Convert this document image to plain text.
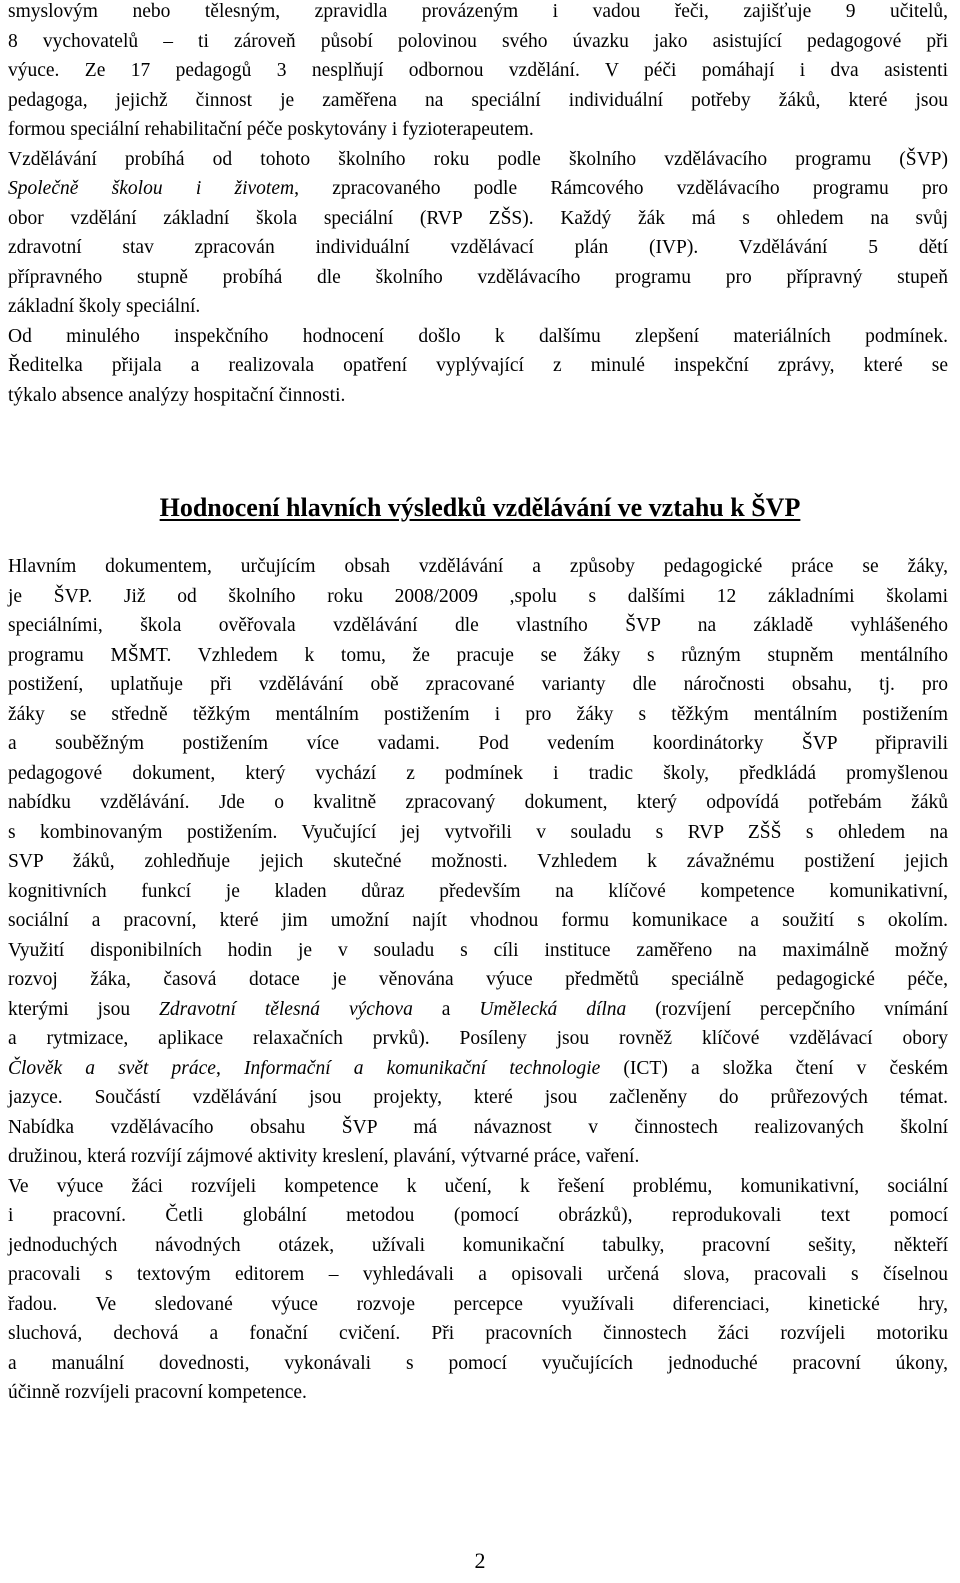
smyslovým nebo tělesným, zpravidla provázeným i vadou řeči, zajišťuje 9 učitelů,
8 vychovatelů – ti zároveň působí polovinou svého úvazku jako asistující pedagogové při
výuce. Ze 17 pedagogů 3 nesplňují odbornou vzdělání. V péči pomáhají i dva asistenti
pedagoga, jejichž činnost je zaměřena na speciální individuální potřeby žáků, které jsou
formou speciální rehabilitační péče poskytovány i fyzioterapeutem.
Vzdělávání probíhá od tohoto školního roku podle školního vzdělávacího programu (ŠVP)
Společně školou i životem, zpracovaného podle Rámcového vzdělávacího programu pro
obor vzdělání základní škola speciální (RVP ZŠS). Každý žák má s ohledem na svůj
zdravotní stav zpracován individuální vzdělávací plán (IVP). Vzdělávání 5 dětí
přípravného stupně probíhá dle školního vzdělávacího programu pro přípravný stupeň
základní školy speciální.
Od minulého inspekčního hodnocení došlo k dalšímu zlepšení materiálních podmínek.
Ředitelka přijala a realizovala opatření vyplývající z minulé inspekční zprávy, které se
týkalo absence analýzy hospitační činnosti.
Hodnocení hlavních výsledků vzdělávání ve vztahu k ŠVP
Hlavním dokumentem, určujícím obsah vzdělávání a způsoby pedagogické práce se žáky,
je ŠVP. Již od školního roku 2008/2009 ,spolu s dalšími 12 základními školami
speciálními, škola ověřovala vzdělávání dle vlastního ŠVP na základě vyhlášeného
programu MŠMT. Vzhledem k tomu, že pracuje se žáky s různým stupněm mentálního
postižení, uplatňuje při vzdělávání obě zpracované varianty dle náročnosti obsahu, tj. pro
žáky se středně těžkým mentálním postižením i pro žáky s těžkým mentálním postižením
a souběžným postižením více vadami. Pod vedením koordinátorky ŠVP připravili
pedagogové dokument, který vychází z podmínek i tradic školy, předkládá promyšlenou
nabídku vzdělávání. Jde o kvalitně zpracovaný dokument, který odpovídá potřebám žáků
s kombinovaným postižením. Vyučující jej vytvořili v souladu s RVP ZŠŠ s ohledem na
SVP žáků, zohledňuje jejich skutečné možnosti. Vzhledem k závažnému postižení jejich
kognitivních funkcí je kladen důraz především na klíčové kompetence komunikativní,
sociální a pracovní, které jim umožní najít vhodnou formu komunikace a soužití s okolím.
Využití disponibilních hodin je v souladu s cíli instituce zaměřeno na maximálně možný
rozvoj žáka, časová dotace je věnována výuce předmětů speciálně pedagogické péče,
kterými jsou Zdravotní tělesná výchova a Umělecká dílna (rozvíjení percepčního vnímání
a rytmizace, aplikace relaxačních prvků). Posíleny jsou rovněž klíčové vzdělávací obory
Člověk a svět práce, Informační a komunikační technologie (ICT) a složka čtení v českém
jazyce. Součástí vzdělávání jsou projekty, které jsou začleněny do průřezových témat.
Nabídka vzdělávacího obsahu ŠVP má návaznost v činnostech realizovaných školní
družinou, která rozvíjí zájmové aktivity kreslení, plavání, výtvarné práce, vaření.
Ve výuce žáci rozvíjeli kompetence k učení, k řešení problému, komunikativní, sociální
i pracovní. Četli globální metodou (pomocí obrázků), reprodukovali text pomocí
jednoduchých návodných otázek, užívali komunikační tabulky, pracovní sešity, někteří
pracovali s textovým editorem – vyhledávali a opisovali určená slova, pracovali s číselnou
řadou. Ve sledované výuce rozvoje percepce využívali diferenciaci, kinetické hry,
sluchová, dechová a fonační cvičení. Při pracovních činnostech žáci rozvíjeli motoriku
a manuální dovednosti, vykonávali s pomocí vyučujících jednoduché pracovní úkony,
účinně rozvíjeli pracovní kompetence.
2
